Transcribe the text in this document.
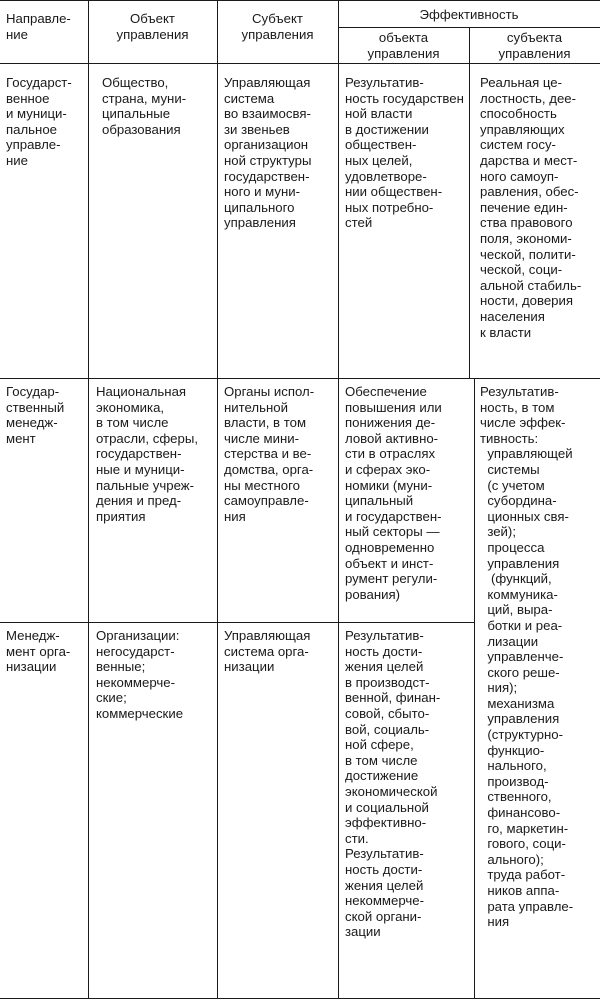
Направле-
ние
Объект
управления
Субъект
управления
Эффективность
объекта
управления
субъекта
управления
Государст-
венное
и муници-
пальное
управле-
ние
Общество,
страна, муни-
ципальные
образования
Управляющая
система
во взаимосвя-
зи звеньев
организацион
ной структуры
государствен-
ного и муни-
ципального
управления
Результатив-
ность государствен
ной власти
в достижении
обществен-
ных целей,
удовлетворе-
нии обществен-
ных потребно-
стей
Реальная це-
лостность, дее-
способность
управляющих
систем госу-
дарства и мест-
ного самоуп-
равления, обес-
печение един-
ства правового
поля, экономи-
ческой, полити-
ческой, соци-
альной стабиль-
ности, доверия
населения
к власти
Государ-
ственный
менедж-
мент
Национальная
экономика,
в том числе
отрасли, сферы,
государствен-
ные и муници-
пальные учреж-
дения и пред-
приятия
Органы испол-
нительной
власти, в том
числе мини-
стерства и ве-
домства, орга-
ны местного
самоуправле-
ния
Обеспечение
повышения или
понижения де-
ловой активно-
сти в отраслях
и сферах эко-
номики (муни-
ципальный
и государствен-
ный секторы —
одновременно
объект и инст-
румент регули-
рования)
Результатив-
ность, в том
числе эффек-
тивность:
управляющей
системы
(с учетом
субордина-
ционных свя-
зей);
процесса
управления
(функций,
коммуника-
ций, выра-
ботки и реа-
лизации
управленче-
ского реше-
ния);
механизма
управления
(структурно-
функцио-
нального,
производ-
ственного,
финансово-
го, маркетин-
гового, соци-
ального);
труда работ-
ников аппа-
рата управле-
ния
Менедж-
мент орга-
низации
Организации:
негосударст-
венные;
некоммерче-
ские;
коммерческие
Управляющая
система орга-
низации
Результатив-
ность дости-
жения целей
в производст-
венной, финан-
совой, сбыто-
вой, социаль-
ной сфере,
в том числе
достижение
экономической
и социальной
эффективно-
сти.
Результатив-
ность дости-
жения целей
некоммерче-
ской органи-
зации
